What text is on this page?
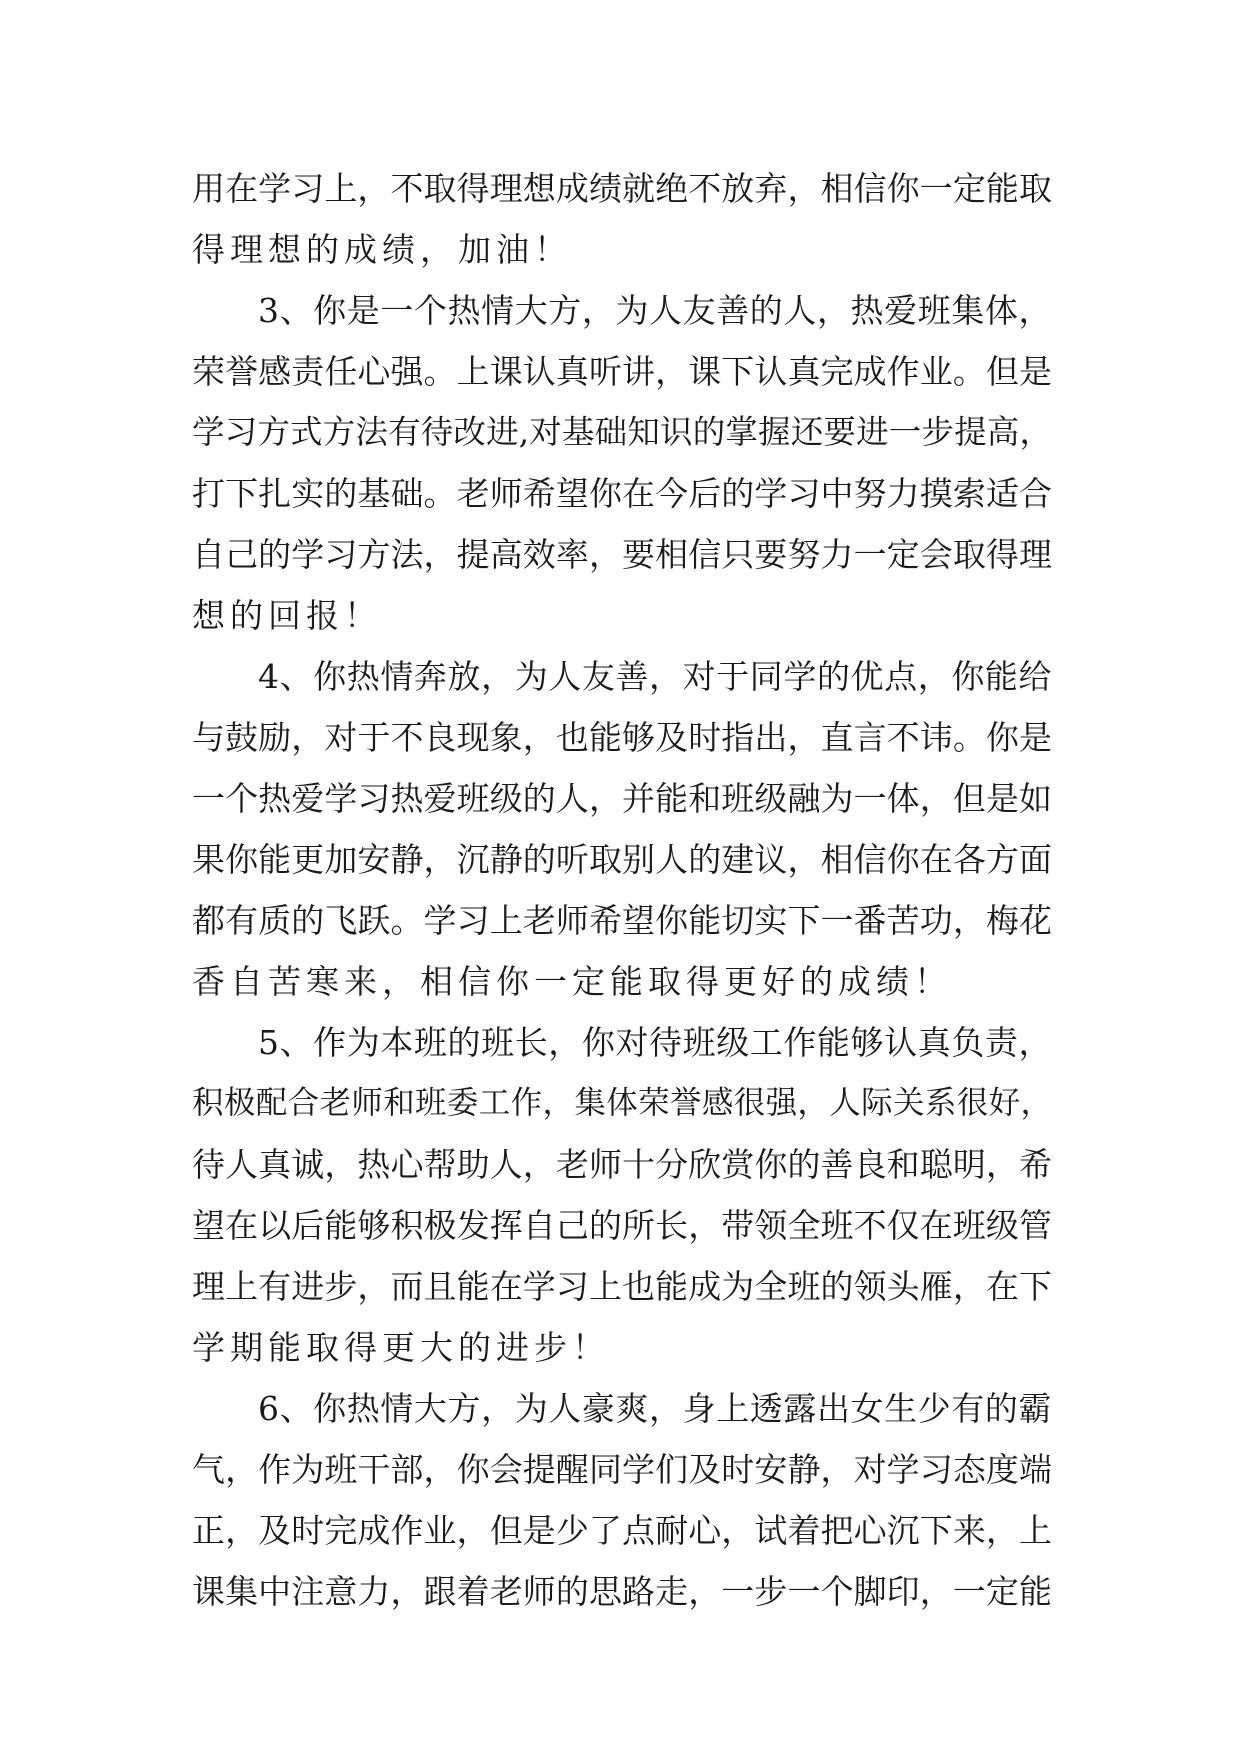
用在学习上，不取得理想成绩就绝不放弃，相信你一定能取
得理想的成绩，加油！
3、你是一个热情大方，为人友善的人，热爱班集体，
荣誉感责任心强。上课认真听讲，课下认真完成作业。但是
学习方式方法有待改进,对基础知识的掌握还要进一步提高，
打下扎实的基础。老师希望你在今后的学习中努力摸索适合
自己的学习方法，提高效率，要相信只要努力一定会取得理
想的回报！
4、你热情奔放，为人友善，对于同学的优点，你能给
与鼓励，对于不良现象，也能够及时指出，直言不讳。你是
一个热爱学习热爱班级的人，并能和班级融为一体，但是如
果你能更加安静，沉静的听取别人的建议，相信你在各方面
都有质的飞跃。学习上老师希望你能切实下一番苦功，梅花
香自苦寒来，相信你一定能取得更好的成绩！
5、作为本班的班长，你对待班级工作能够认真负责，
积极配合老师和班委工作，集体荣誉感很强，人际关系很好，
待人真诚，热心帮助人，老师十分欣赏你的善良和聪明，希
望在以后能够积极发挥自己的所长，带领全班不仅在班级管
理上有进步，而且能在学习上也能成为全班的领头雁，在下
学期能取得更大的进步！
6、你热情大方，为人豪爽，身上透露出女生少有的霸
气，作为班干部，你会提醒同学们及时安静，对学习态度端
正，及时完成作业，但是少了点耐心，试着把心沉下来，上
课集中注意力，跟着老师的思路走，一步一个脚印，一定能
